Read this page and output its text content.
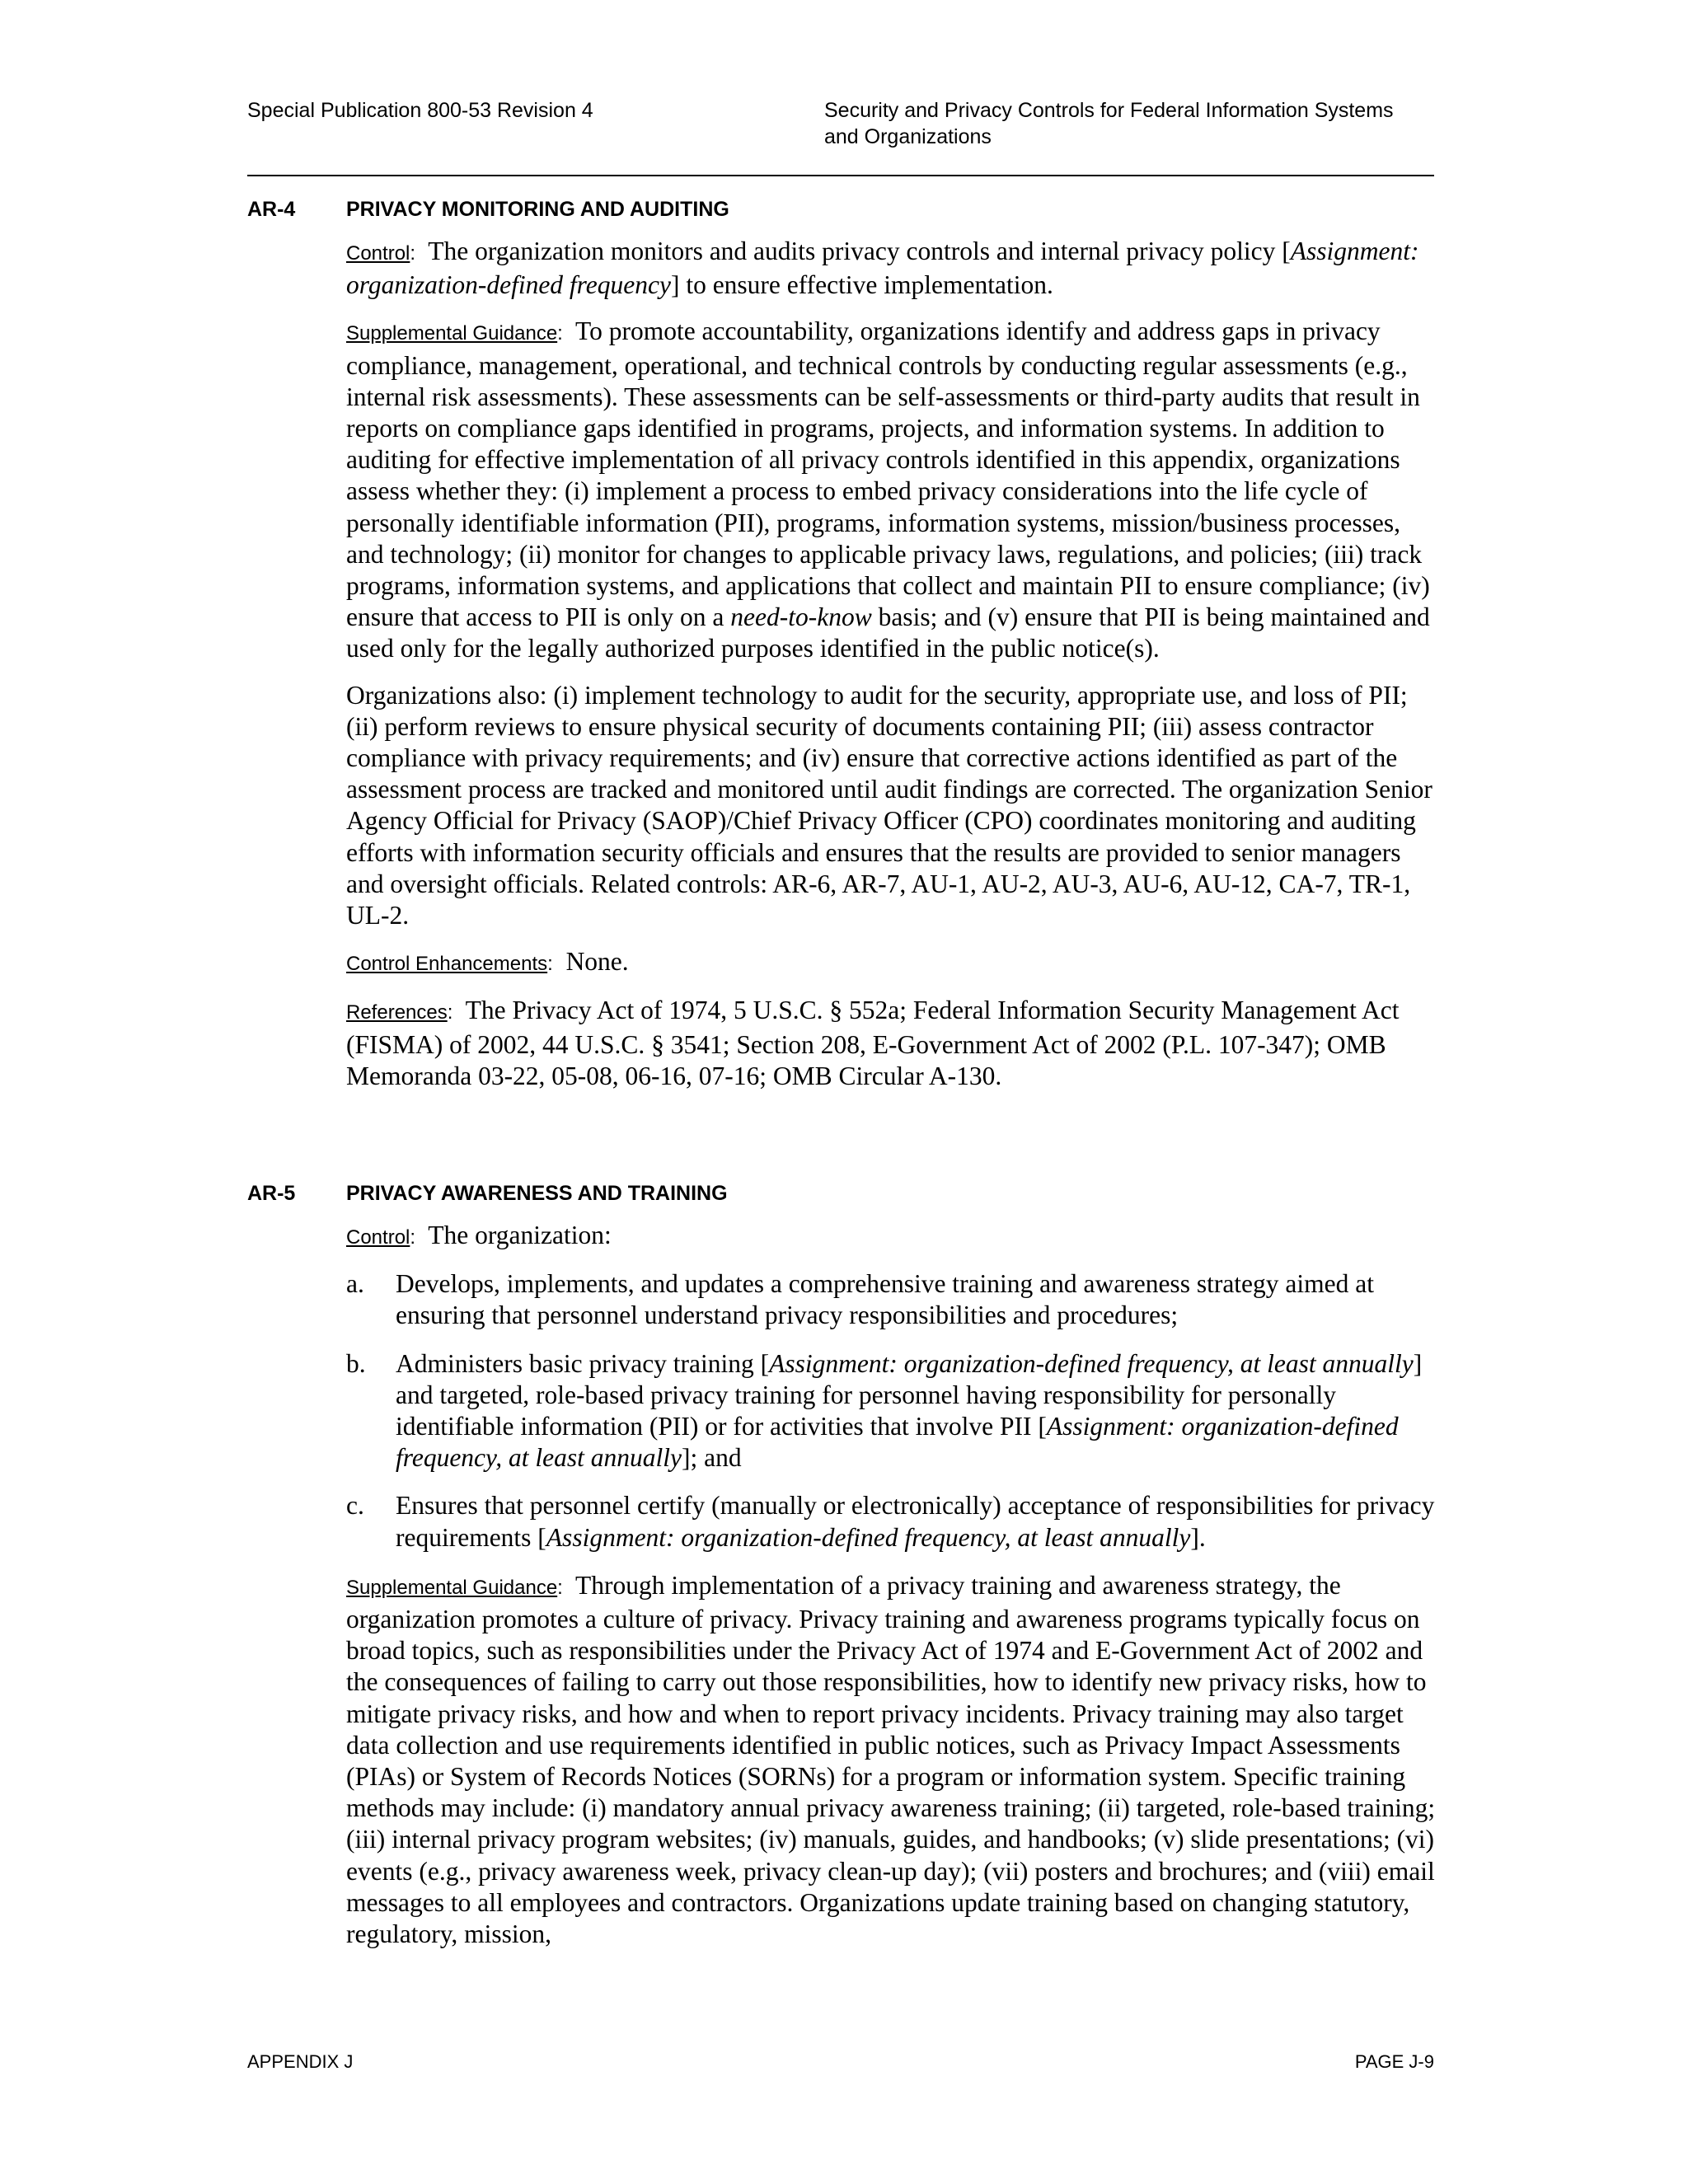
Special Publication 800-53 Revision 4	Security and Privacy Controls for Federal Information Systems
and Organizations
AR-4 PRIVACY MONITORING AND AUDITING

Control: The organization monitors and audits privacy controls and internal privacy policy [Assignment: organization-defined frequency] to ensure effective implementation.

Supplemental Guidance: To promote accountability, organizations identify and address gaps in privacy compliance, management, operational, and technical controls by conducting regular assessments (e.g., internal risk assessments). These assessments can be self-assessments or third-party audits that result in reports on compliance gaps identified in programs, projects, and information systems. In addition to auditing for effective implementation of all privacy controls identified in this appendix, organizations assess whether they: (i) implement a process to embed privacy considerations into the life cycle of personally identifiable information (PII), programs, information systems, mission/business processes, and technology; (ii) monitor for changes to applicable privacy laws, regulations, and policies; (iii) track programs, information systems, and applications that collect and maintain PII to ensure compliance; (iv) ensure that access to PII is only on a need-to-know basis; and (v) ensure that PII is being maintained and used only for the legally authorized purposes identified in the public notice(s).

Organizations also: (i) implement technology to audit for the security, appropriate use, and loss of PII; (ii) perform reviews to ensure physical security of documents containing PII; (iii) assess contractor compliance with privacy requirements; and (iv) ensure that corrective actions identified as part of the assessment process are tracked and monitored until audit findings are corrected. The organization Senior Agency Official for Privacy (SAOP)/Chief Privacy Officer (CPO) coordinates monitoring and auditing efforts with information security officials and ensures that the results are provided to senior managers and oversight officials. Related controls: AR-6, AR-7, AU-1, AU-2, AU-3, AU-6, AU-12, CA-7, TR-1, UL-2.

Control Enhancements: None.

References: The Privacy Act of 1974, 5 U.S.C. § 552a; Federal Information Security Management Act (FISMA) of 2002, 44 U.S.C. § 3541; Section 208, E-Government Act of 2002 (P.L. 107-347); OMB Memoranda 03-22, 05-08, 06-16, 07-16; OMB Circular A-130.

AR-5 PRIVACY AWARENESS AND TRAINING

Control: The organization:

a. Develops, implements, and updates a comprehensive training and awareness strategy aimed at ensuring that personnel understand privacy responsibilities and procedures;
b. Administers basic privacy training [Assignment: organization-defined frequency, at least annually] and targeted, role-based privacy training for personnel having responsibility for personally identifiable information (PII) or for activities that involve PII [Assignment: organization-defined frequency, at least annually]; and
c. Ensures that personnel certify (manually or electronically) acceptance of responsibilities for privacy requirements [Assignment: organization-defined frequency, at least annually].

Supplemental Guidance: Through implementation of a privacy training and awareness strategy, the organization promotes a culture of privacy. Privacy training and awareness programs typically focus on broad topics, such as responsibilities under the Privacy Act of 1974 and E-Government Act of 2002 and the consequences of failing to carry out those responsibilities, how to identify new privacy risks, how to mitigate privacy risks, and how and when to report privacy incidents. Privacy training may also target data collection and use requirements identified in public notices, such as Privacy Impact Assessments (PIAs) or System of Records Notices (SORNs) for a program or information system. Specific training methods may include: (i) mandatory annual privacy awareness training; (ii) targeted, role-based training; (iii) internal privacy program websites; (iv) manuals, guides, and handbooks; (v) slide presentations; (vi) events (e.g., privacy awareness week, privacy clean-up day); (vii) posters and brochures; and (viii) email messages to all employees and contractors. Organizations update training based on changing statutory, regulatory, mission,

APPENDIX J	PAGE J-9
